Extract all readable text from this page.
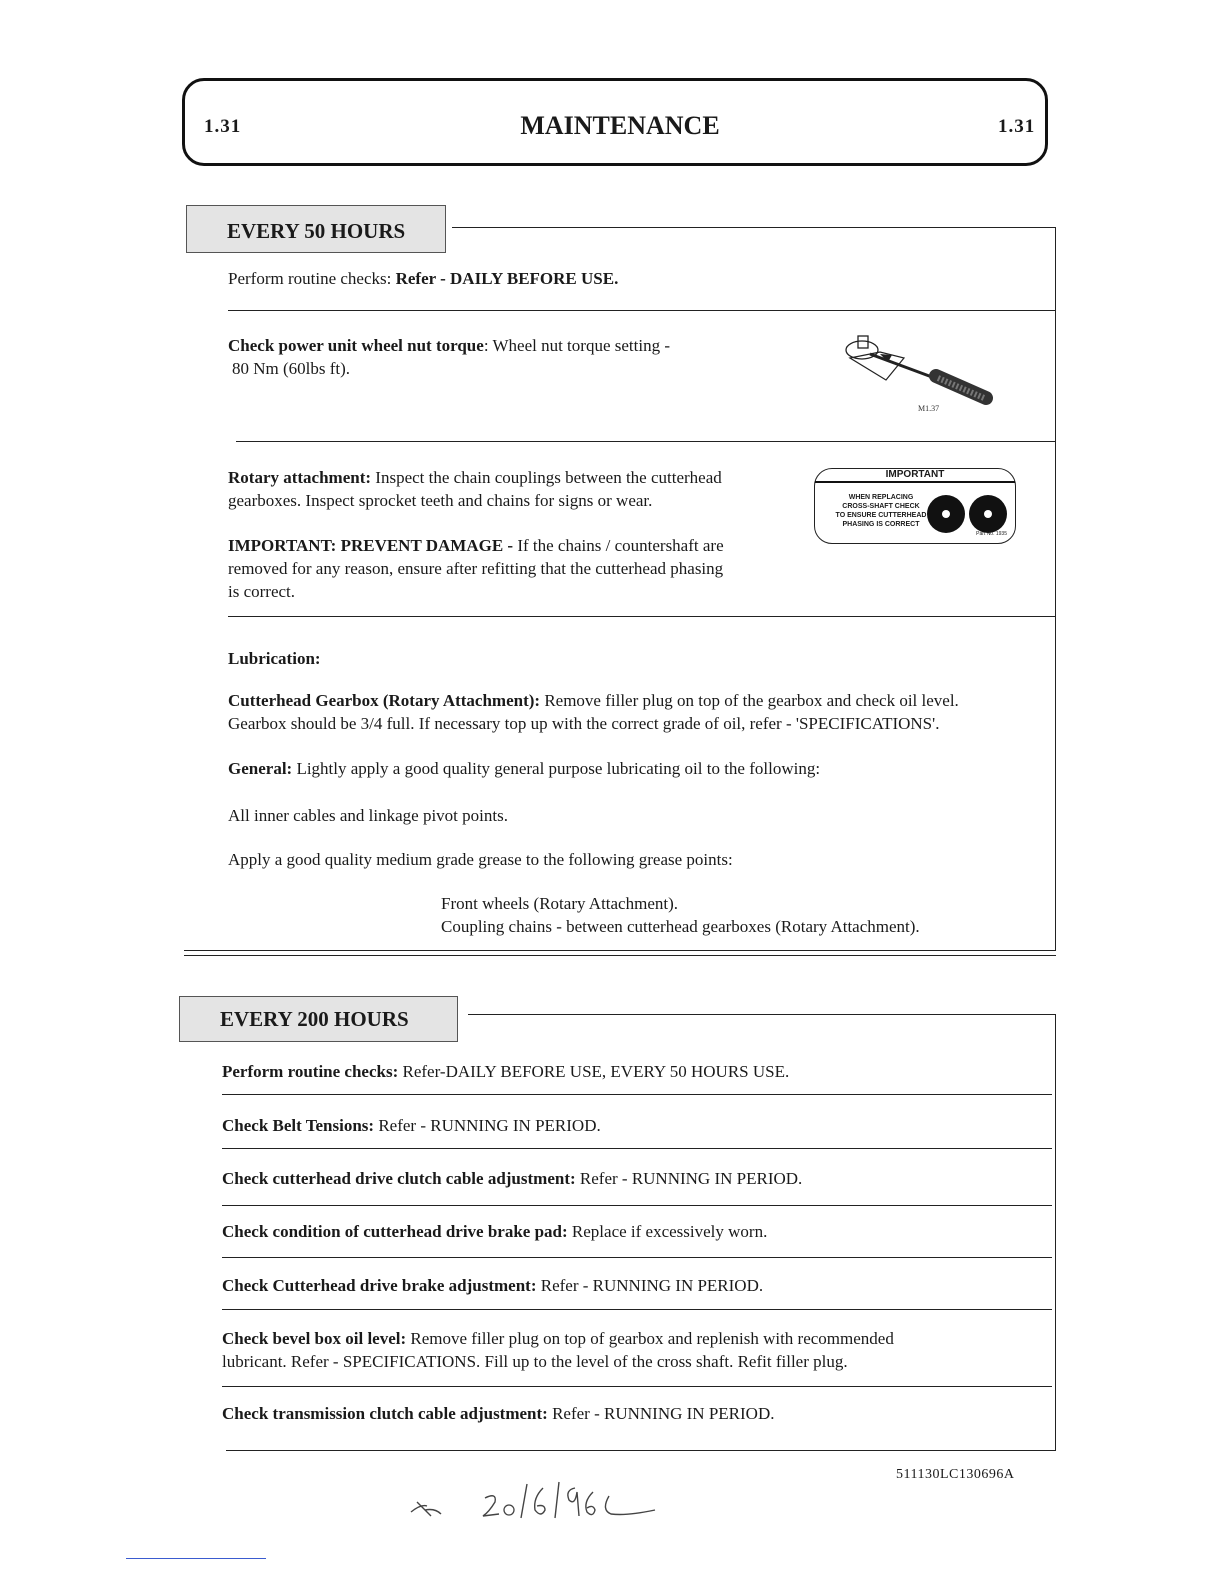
1.31	MAINTENANCE	1.31
EVERY 50 HOURS
Perform routine checks: Refer - DAILY BEFORE USE.
Check power unit wheel nut torque: Wheel nut torque setting -
80 Nm (60lbs ft).
M1.37
Rotary attachment: Inspect the chain couplings between the cutterhead
gearboxes. Inspect sprocket teeth and chains for signs or wear.
IMPORTANT: PREVENT DAMAGE - If the chains / countershaft are
removed for any reason, ensure after refitting that the cutterhead phasing
is correct.
IMPORTANT
WHEN REPLACING
CROSS-SHAFT CHECK
TO ENSURE CUTTERHEAD
PHASING IS CORRECT
Part No. 1935
Lubrication:
Cutterhead Gearbox (Rotary Attachment): Remove filler plug on top of the gearbox and check oil level.
Gearbox should be 3/4 full. If necessary top up with the correct grade of oil, refer - 'SPECIFICATIONS'.
General: Lightly apply a good quality general purpose lubricating oil to the following:
All inner cables and linkage pivot points.
Apply a good quality medium grade grease to the following grease points:
Front wheels (Rotary Attachment).
Coupling chains - between cutterhead gearboxes (Rotary Attachment).
EVERY 200 HOURS
Perform routine checks: Refer-DAILY BEFORE USE, EVERY 50 HOURS USE.
Check Belt Tensions: Refer - RUNNING IN PERIOD.
Check cutterhead drive clutch cable adjustment: Refer - RUNNING IN PERIOD.
Check condition of cutterhead drive brake pad: Replace if excessively worn.
Check Cutterhead drive brake adjustment: Refer - RUNNING IN PERIOD.
Check bevel box oil level: Remove filler plug on top of gearbox and replenish with recommended
lubricant. Refer - SPECIFICATIONS. Fill up to the level of the cross shaft. Refit filler plug.
Check transmission clutch cable adjustment: Refer - RUNNING IN PERIOD.
511130LC130696A
